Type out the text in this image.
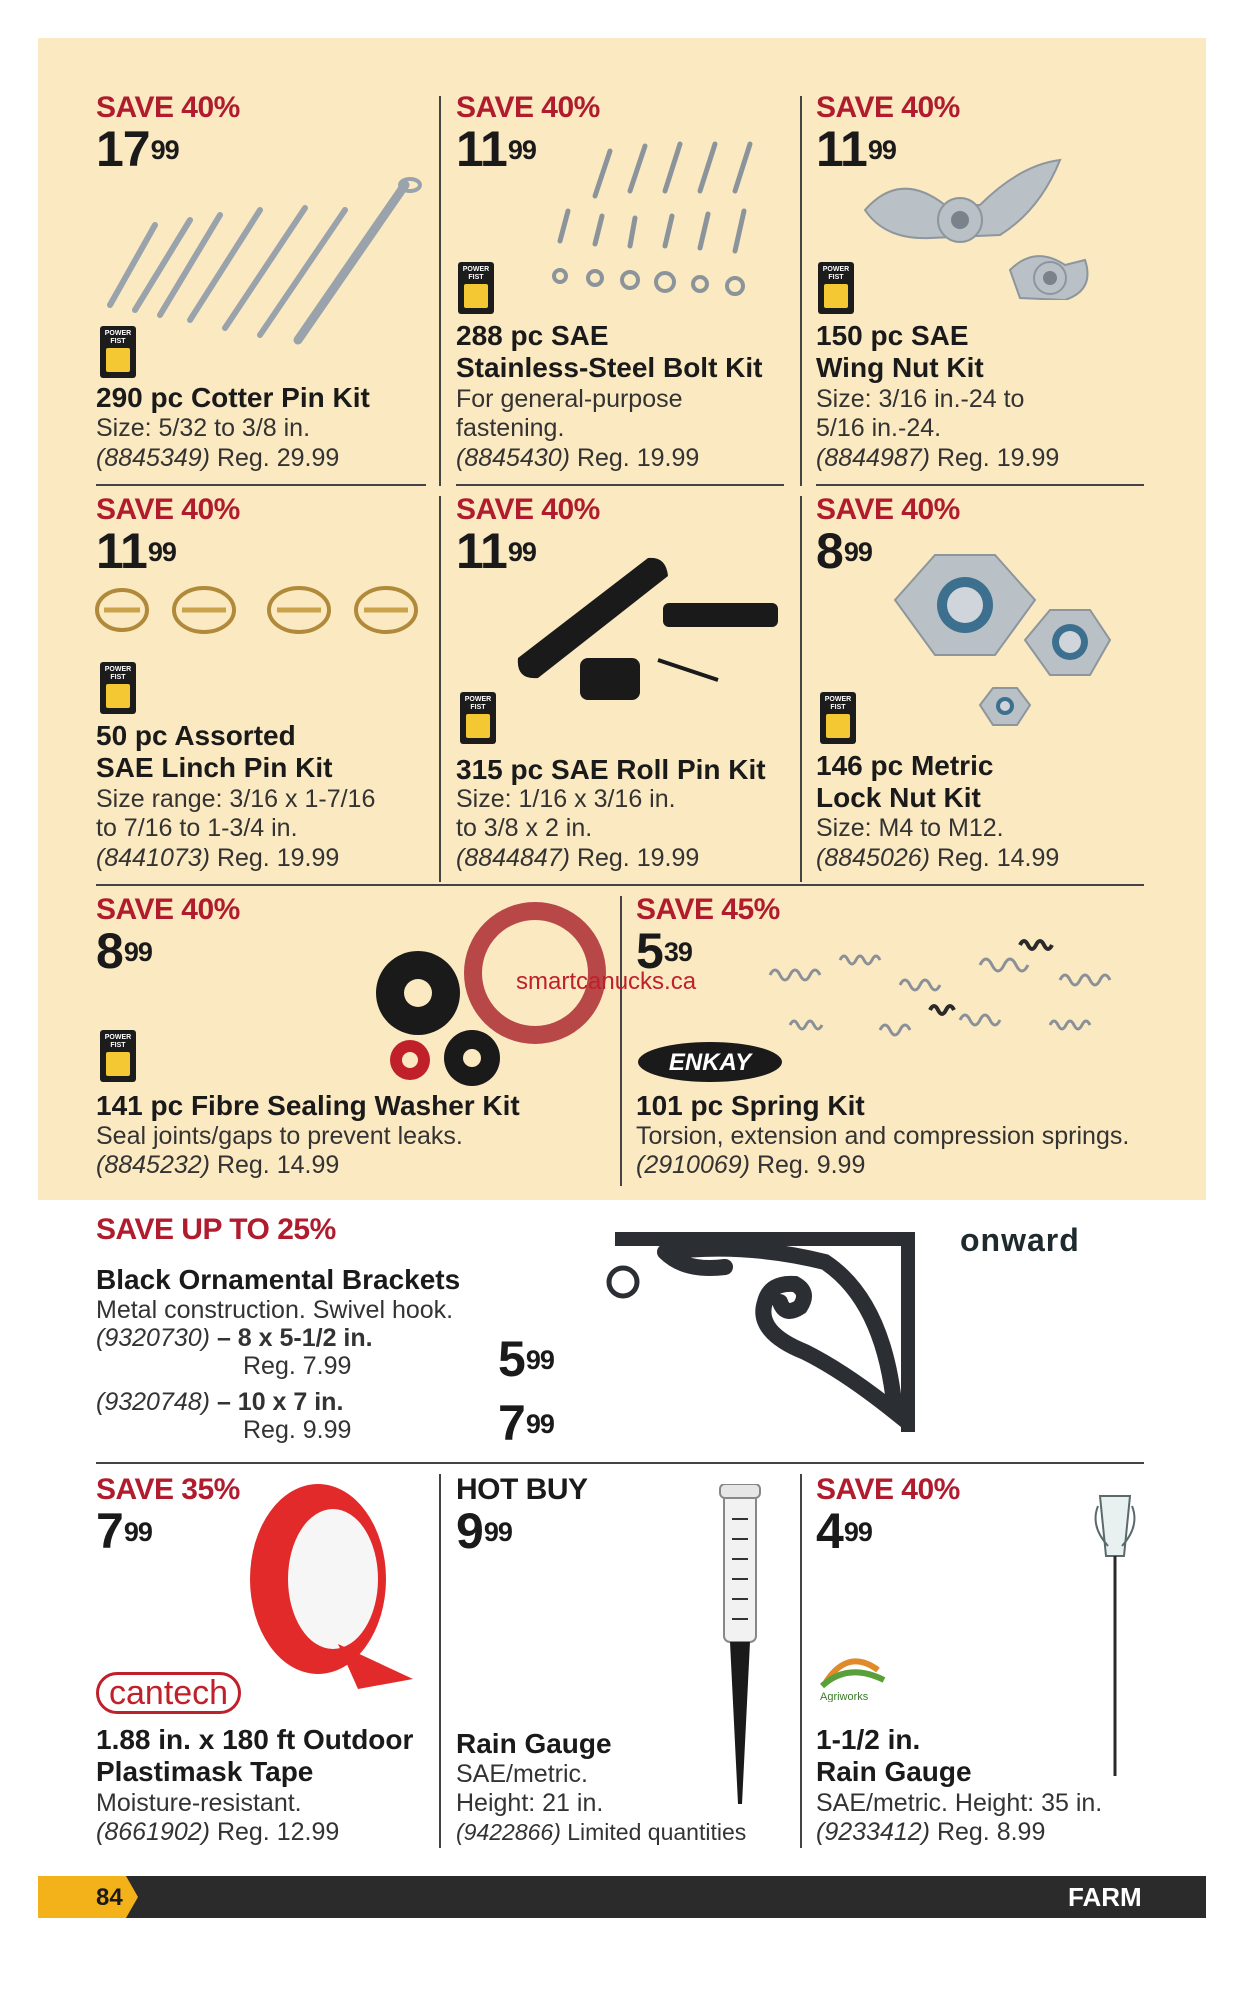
SAVE 40%
$17^{99}$
POWER FIST
290 pc Cotter Pin Kit
Size: 5/32 to 3/8 in.
(8845349) Reg. 29.99
SAVE 40%
$11^{99}$
POWER FIST
288 pc SAE
Stainless-Steel Bolt Kit
For general-purpose
fastening.
(8845430) Reg. 19.99
SAVE 40%
$11^{99}$
POWER FIST
150 pc SAE
Wing Nut Kit
Size: 3/16 in.-24 to
5/16 in.-24.
(8844987) Reg. 19.99
SAVE 40%
$11^{99}$
POWER FIST
50 pc Assorted
SAE Linch Pin Kit
Size range: 3/16 x 1-7/16
to 7/16 to 1-3/4 in.
(8441073) Reg. 19.99
SAVE 40%
$11^{99}$
POWER FIST
315 pc SAE Roll Pin Kit
Size: 1/16 x 3/16 in.
to 3/8 x 2 in.
(8844847) Reg. 19.99
SAVE 40%
$8^{99}$
POWER FIST
146 pc Metric
Lock Nut Kit
Size: M4 to M12.
(8845026) Reg. 14.99
SAVE 40%
$8^{99}$
POWER FIST
141 pc Fibre Sealing Washer Kit
Seal joints/gaps to prevent leaks.
(8845232) Reg. 14.99
smartcanucks.ca
SAVE 45%
$5^{39}$
ENKAY
101 pc Spring Kit
Torsion, extension and compression springs.
(2910069) Reg. 9.99
SAVE UP TO 25%
Black Ornamental Brackets
Metal construction. Swivel hook.
(9320730) – 8 x 5-1/2 in.
Reg. 7.99	$5^{99}$
(9320748) – 10 x 7 in.
Reg. 9.99	$7^{99}$
onward
SAVE 35%
$7^{99}$
cantech
1.88 in. x 180 ft Outdoor
Plastimask Tape
Moisture-resistant.
(8661902) Reg. 12.99
HOT BUY
$9^{99}$
Rain Gauge
SAE/metric.
Height: 21 in.
(9422866) Limited quantities
SAVE 40%
$4^{99}$
Agriworks
1-1/2 in.
Rain Gauge
SAE/metric. Height: 35 in.
(9233412) Reg. 8.99
84	FARM
